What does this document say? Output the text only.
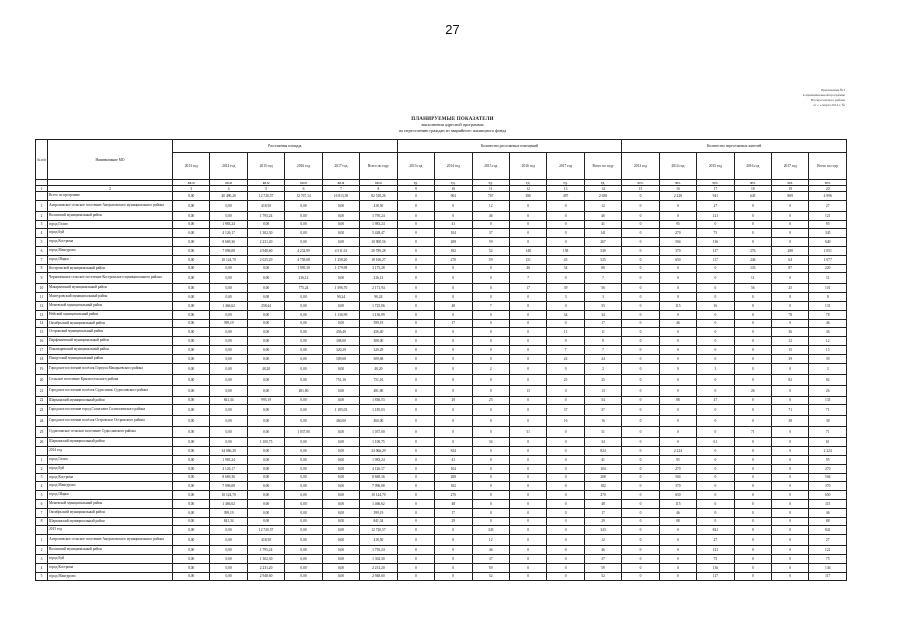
27
Приложение №3
к муниципальной программе
Воскресенского района
от « » марта 2014 г. №
ПЛАНИРУЕМЫЕ ПОКАЗАТЕЛИ
выполнения адресной программы
по переселению граждан из аварийного жилищного фонда
№ п/п	Наименование МО	Расселяемая площадь						Количество расселяемых помещений						Количество переселяемых жителей					
		2013 год	2014 год	2015 год	2016 год	2017 год	Всего по году	2013 год	2014 год	2015 год	2016 год	2017 год	Всего по году	2013 год	2014 год	2015 год	2016 год	2017 год	Всего по году
		кв.м	кв.м	кв.м	кв.м	кв.м	кв.м	ед.	ед.	ед.	ед.	ед.	ед.	чел.	чел.	чел.	чел.	чел.	чел.
1	2	3	4	5	6	7	8	9	10	11	12	13	14	15	16	17	18	19	20
	Всего по программе	0,00	40 490,20	12 720,57	12 767,14	16 813,50	82 518,26	0	904	767	386	497	2 658	0	2 228	941	645	869	4 996
1	Антроповское сельское поселение Антроповского муниципального района	0,00	0,00	418,50	0,00	0,00	418,50	0	0	12	0	0	12	0	0	27	0	0	27
2	Вохомский муниципальный район	0,00	0,00	1 795,24	0,00	0,00	1 795,24	0	0	46	0	0	46	0	0	121	0	0	121
3	город Галич	0,00	1 983,24	0,00	0,00	0,00	1 983,24	0	41	0	0	0	41	0	95	0	0	0	95
4	город Буй	0,00	4 126,17	1 302,30	0,00	0,00	5 428,47	0	104	37	0	0	141	0	270	75	0	0	345
5	город Кострома	0,00	8 669,36	2 231,20	0,00	0,00	10 900,56	0	208	59	0	0	267	0	504	136	0	0	640
6	город Мантурово	0,00	7 096,08	4 948,60	4 232,99	4 511,61	20 789,28	0	182	52	148	158	540	0	370	117	276	288	1 051
7	город Шарья	0,00	10 124,70	2 025,29	4 758,08	1 258,20	18 166,27	0	270	59	151	45	525	0	650	117	246	64	1 077
8	Костромской муниципальный район	0,00	0,00	0,00	1 995,30	1 179,98	3 175,28	0	0	0	46	34	80	0	0	0	133	87	220
9	Чернопенское сельское поселение Костромского муниципального района	0,00	0,00	0,00	216,12	0,00	216,12	0	0	0	7	0	7	0	0	0	11	0	11
10	Макарьевский муниципальный район	0,00	0,00	0,00	775,24	1 396,70	2 171,94	0	0	0	17	39	56	0	0	0	56	45	101
11	Мантуровский муниципальный район	0,00	0,00	0,00	0,00	90,24	90,24	0	0	0	0	3	3	0	0	0	0	8	8
12	Межевской муниципальный район	0,00	1 466,62	258,44	0,00	0,00	1 725,06	0	48	7	0	0	55	0	115	16	0	0	131
13	Нейский муниципальный район	0,00	0,00	0,00	0,00	1 136,99	1 136,99	0	0	0	0	34	34	0	0	0	0	78	78
14	Октябрьский муниципальный район	0,00	399,19	0,00	0,00	0,00	399,19	0	17	0	0	0	17	0	46	0	0	0	46
15	Островский муниципальный район	0,00	0,00	0,00	0,00	456,40	456,40	0	0	0	0	11	11	0	0	0	0	36	36
16	Парфеньевский муниципальный район	0,00	0,00	0,00	0,00	308,00	308,00	0	0	0	0	9	9	0	0	0	0	12	12
17	Поназыревский муниципальный район	0,00	0,00	0,00	0,00	320,29	320,29	0	0	0	0	7	7	0	0	0	0	15	15
18	Пыщугский муниципальный район	0,00	0,00	0,00	0,00	509,68	509,68	0	0	0	0	24	24	0	0	0	0	39	39
19	Городское поселение посёлок Горчуха Макарьевского района	0,00	0,00	40,20	0,00	0,00	40,20	0	0	2	0	0	2	0	0	3	0	0	3
20	Сельское поселение Красносельского района	0,00	0,00	0,00	0,00	751,16	751,16	0	0	0	0	25	25	0	0	0	0	82	82
21	Городское поселение посёлок Судиславль Судиславского района	0,00	0,00	0,00	481,80	0,00	481,80	0	0	0	13	0	13	0	0	0	26	0	26
22	Шарьинский муниципальный район	0,00	841,34	995,19	0,00	0,00	1 836,53	0	29	25	0	0	54	0	88	47	0	0	135
23	Городское поселение город Солигалич Солигаличского района	0,00	0,00	0,00	0,00	1 185,03	1 185,03	0	0	0	0	37	37	0	0	0	0	71	71
24	Городское поселение посёлок Островское Островского района	0,00	0,00	0,00	0,00	460,00	460,00	0	0	0	0	16	16	0	0	0	0	38	38
25	Судиславское сельское поселение Судиславского района	0,00	0,00	0,00	1 037,00	0,00	1 037,00	0	0	0	31	0	31	0	0	0	71	0	71
26	Шарьинский муниципальный район	0,00	0,00	1 100,75	0,00	0,00	1 100,75	0	0	34	0	0	34	0	0	61	0	0	61
	2014 год	0,00	34 066,29	0,00	0,00	0,00	34 066,29	0	824	0	0	0	824	0	2 224	0	0	0	2 224
1	город Галич	0,00	1 983,24	0,00	0,00	0,00	1 983,24	0	41	0	0	0	41	0	95	0	0	0	95
2	город Буй	0,00	4 126,17	0,00	0,00	0,00	4 126,17	0	104	0	0	0	104	0	270	0	0	0	270
3	город Кострома	0,00	8 669,36	0,00	0,00	0,00	8 669,36	0	208	0	0	0	208	0	504	0	0	0	504
4	город Мантурово	0,00	7 096,08	0,00	0,00	0,00	7 096,08	0	182	0	0	0	182	0	370	0	0	0	370
5	город Шарья	0,00	10 124,70	0,00	0,00	0,00	10 124,70	0	270	0	0	0	270	0	650	0	0	0	650
6	Межевской муниципальный район	0,00	1 466,62	0,00	0,00	0,00	1 466,62	0	48	0	0	0	48	0	115	0	0	0	115
7	Октябрьский муниципальный район	0,00	399,19	0,00	0,00	0,00	399,19	0	17	0	0	0	17	0	46	0	0	0	46
8	Шарьинский муниципальный район	0,00	841,34	0,00	0,00	0,00	841,34	0	29	0	0	0	29	0	88	0	0	0	88
	2015 год	0,00	0,00	12 720,57	0,00	0,00	12 720,57	0	0	343	0	0	343	0	0	841	0	0	841
1	Антроповское сельское поселение Антроповского муниципального района	0,00	0,00	418,50	0,00	0,00	418,50	0	0	12	0	0	12	0	0	27	0	0	27
2	Вохомский муниципальный район	0,00	0,00	1 795,24	0,00	0,00	1 795,24	0	0	46	0	0	46	0	0	121	0	0	121
3	город Буй	0,00	0,00	1 302,30	0,00	0,00	1 302,30	0	0	37	0	0	37	0	0	75	0	0	75
4	город Кострома	0,00	0,00	2 231,20	0,00	0,00	2 231,20	0	0	59	0	0	59	0	0	136	0	0	136
5	город Мантурово	0,00	0,00	2 948,60	0,00	0,00	2 948,60	0	0	52	0	0	52	0	0	117	0	0	117
